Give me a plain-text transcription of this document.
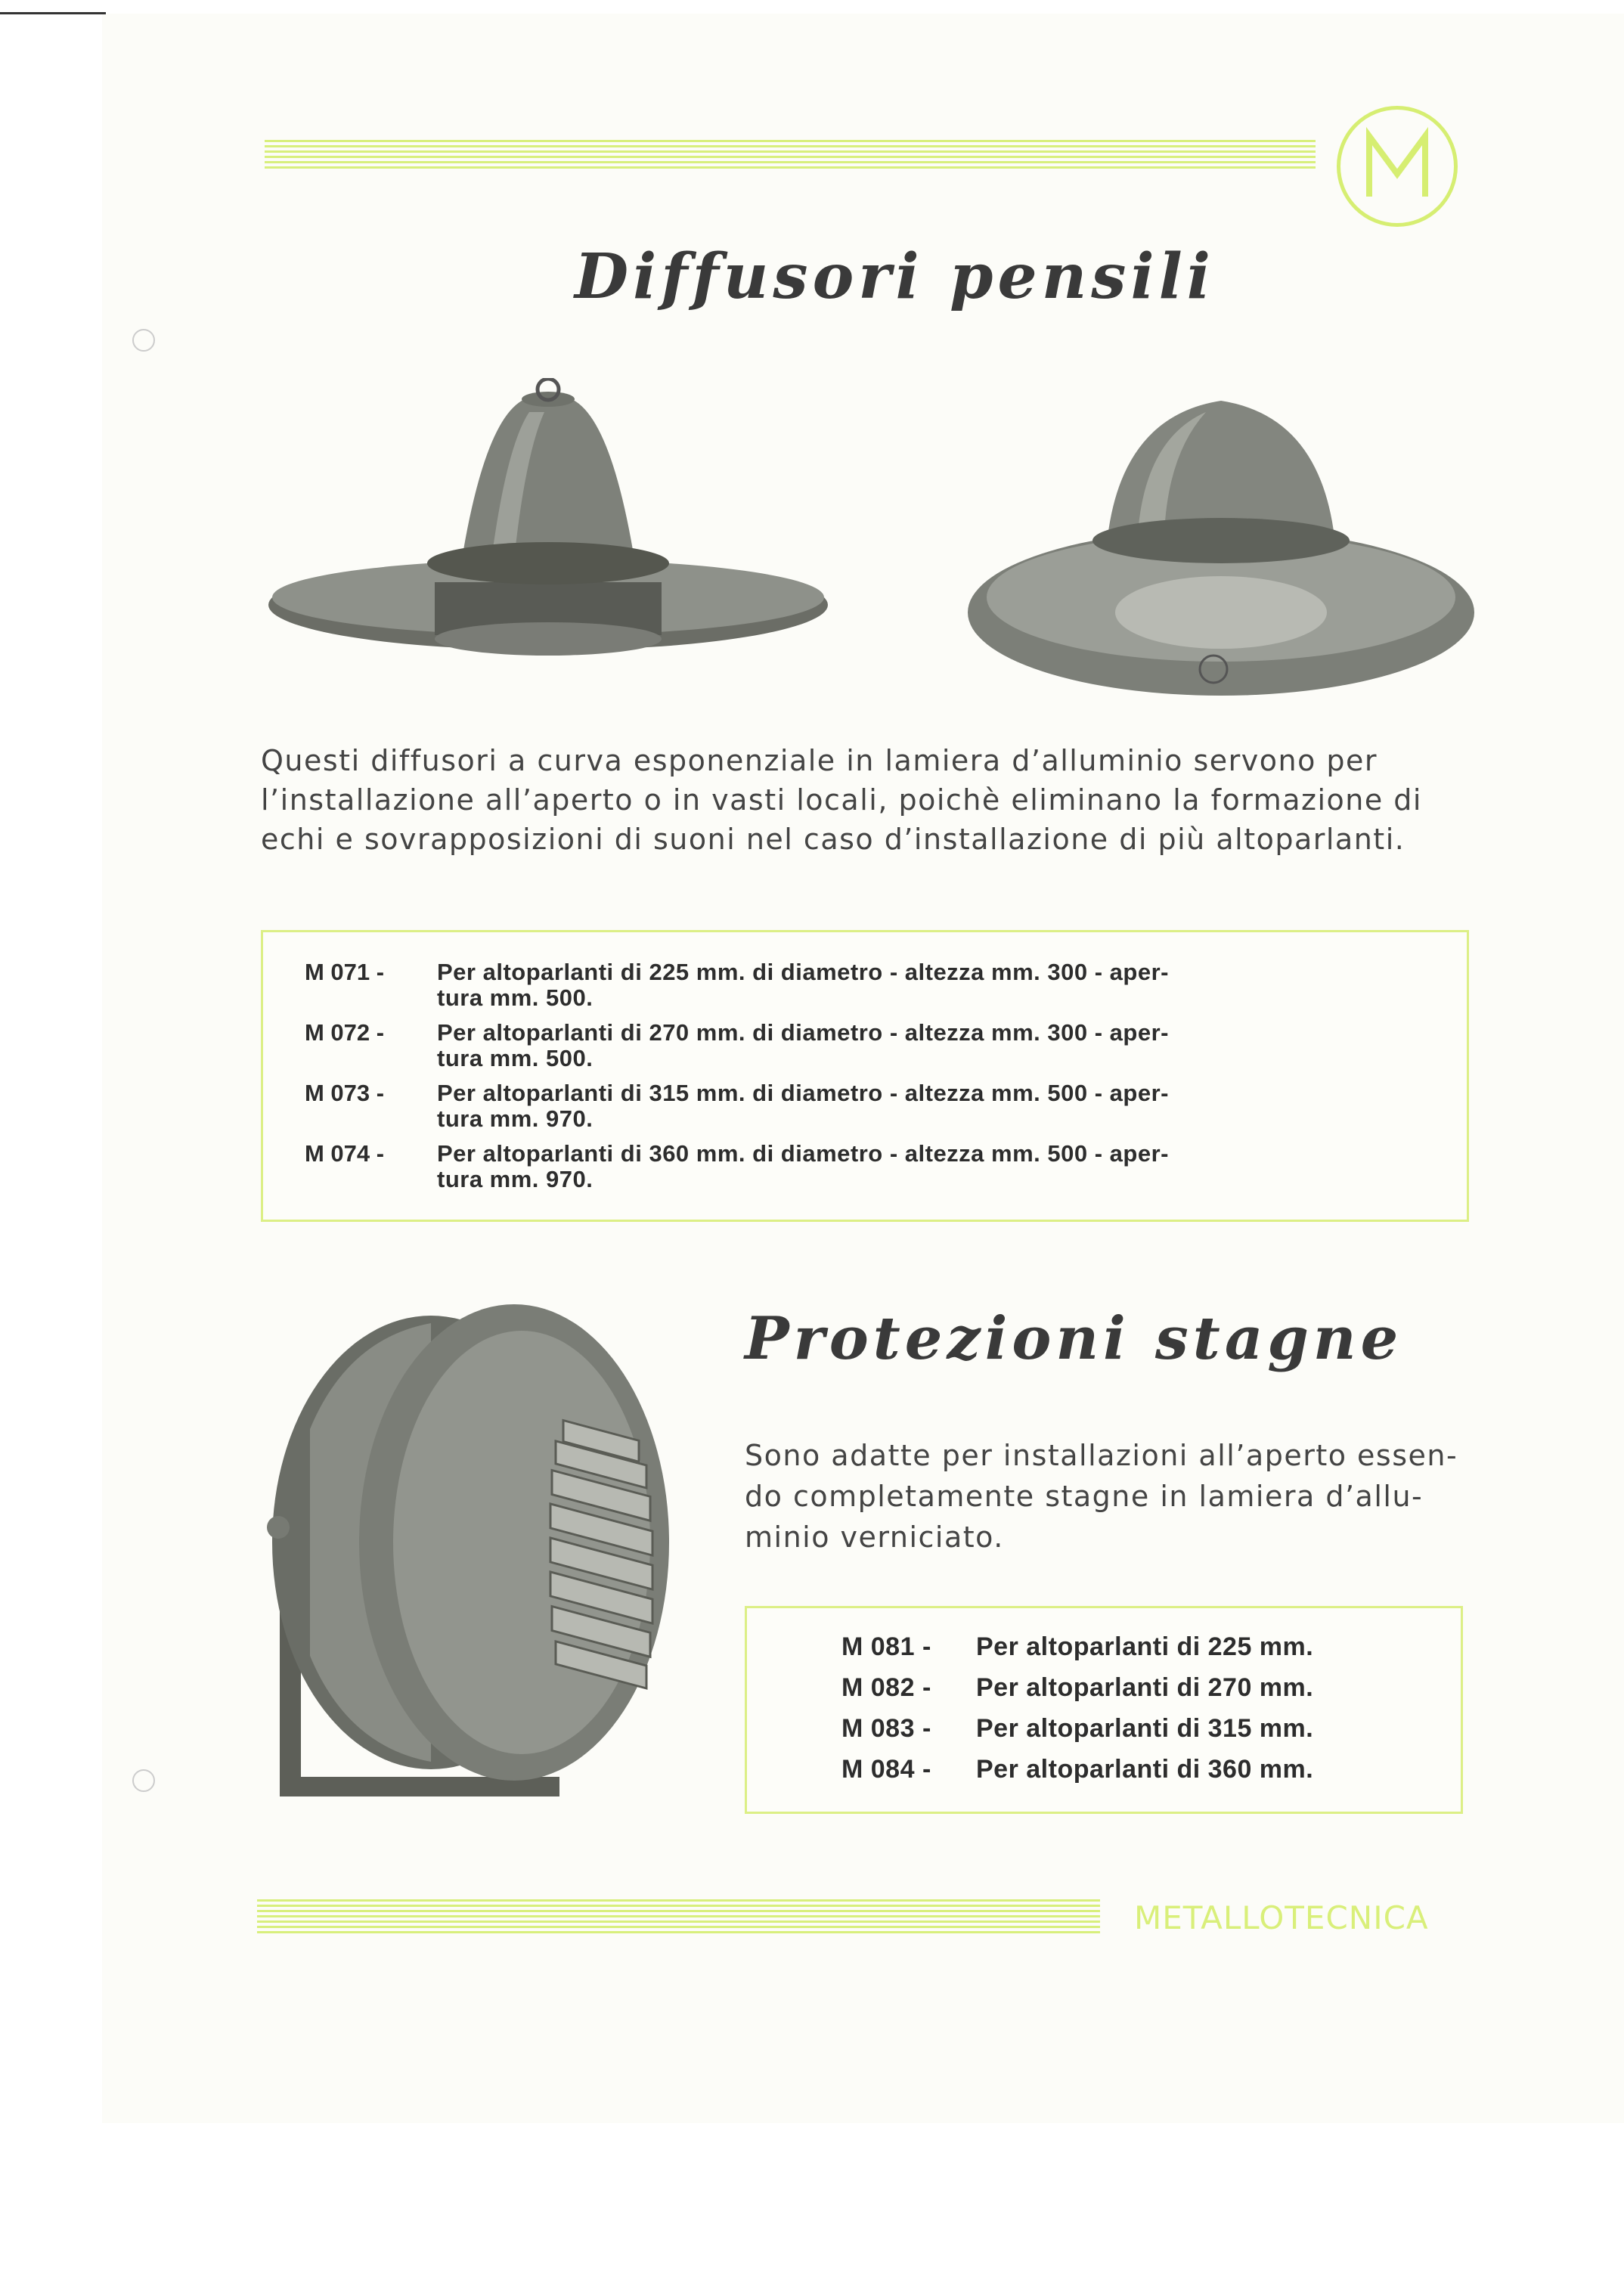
Diffusori pensili
Questi diffusori a curva esponenziale in lamiera d’alluminio servono per
l’installazione all’aperto o in vasti locali, poichè eliminano la formazione di
echi e sovrapposizioni di suoni nel caso d’installazione di più altoparlanti.
M 071 - Per altoparlanti di 225 mm. di diametro - altezza mm. 300 - aper-
tura mm. 500.
M 072 - Per altoparlanti di 270 mm. di diametro - altezza mm. 300 - aper-
tura mm. 500.
M 073 - Per altoparlanti di 315 mm. di diametro - altezza mm. 500 - aper-
tura mm. 970.
M 074 - Per altoparlanti di 360 mm. di diametro - altezza mm. 500 - aper-
tura mm. 970.
Protezioni stagne
Sono adatte per installazioni all’aperto essen-
do completamente stagne in lamiera d’allu-
minio verniciato.
M 081 - Per altoparlanti di 225 mm.
M 082 - Per altoparlanti di 270 mm.
M 083 - Per altoparlanti di 315 mm.
M 084 - Per altoparlanti di 360 mm.
METALLOTECNICA
